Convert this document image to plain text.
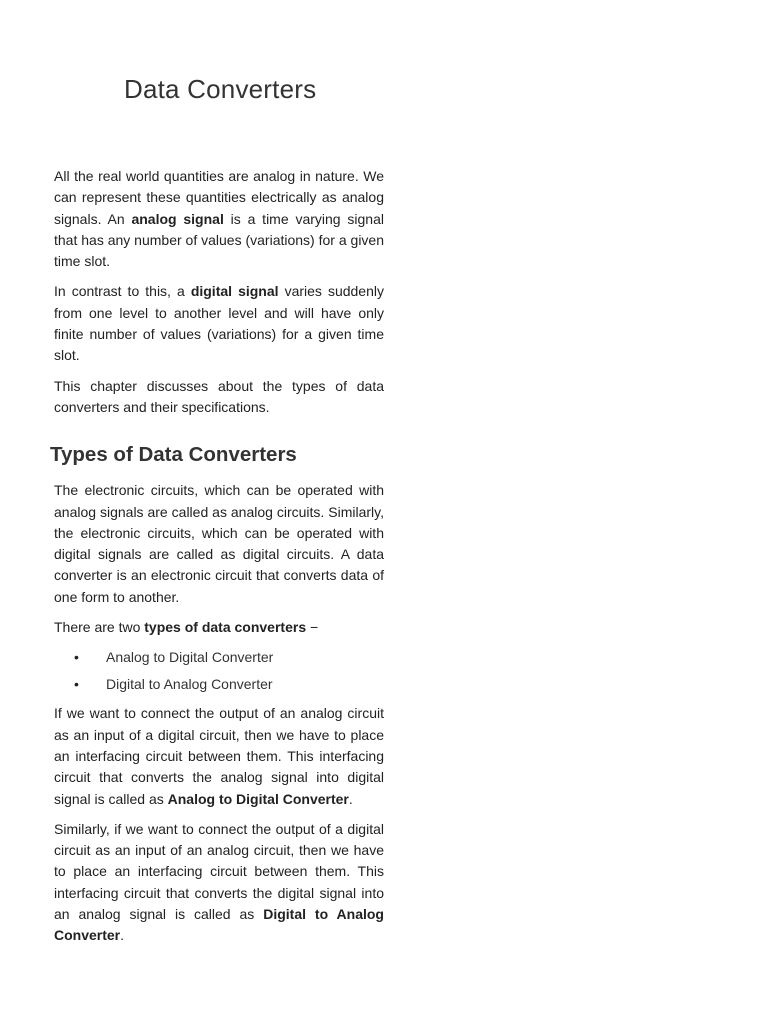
Data Converters

All the real world quantities are analog in nature. We can represent these quantities electrically as analog signals. An analog signal is a time varying signal that has any number of values (variations) for a given time slot.

In contrast to this, a digital signal varies suddenly from one level to another level and will have only finite number of values (variations) for a given time slot.

This chapter discusses about the types of data converters and their specifications.

Types of Data Converters

The electronic circuits, which can be operated with analog signals are called as analog circuits. Similarly, the electronic circuits, which can be operated with digital signals are called as digital circuits. A data converter is an electronic circuit that converts data of one form to another.

There are two types of data converters −

• Analog to Digital Converter
• Digital to Analog Converter

If we want to connect the output of an analog circuit as an input of a digital circuit, then we have to place an interfacing circuit between them. This interfacing circuit that converts the analog signal into digital signal is called as Analog to Digital Converter.

Similarly, if we want to connect the output of a digital circuit as an input of an analog circuit, then we have to place an interfacing circuit between them. This interfacing circuit that converts the digital signal into an analog signal is called as Digital to Analog Converter.
